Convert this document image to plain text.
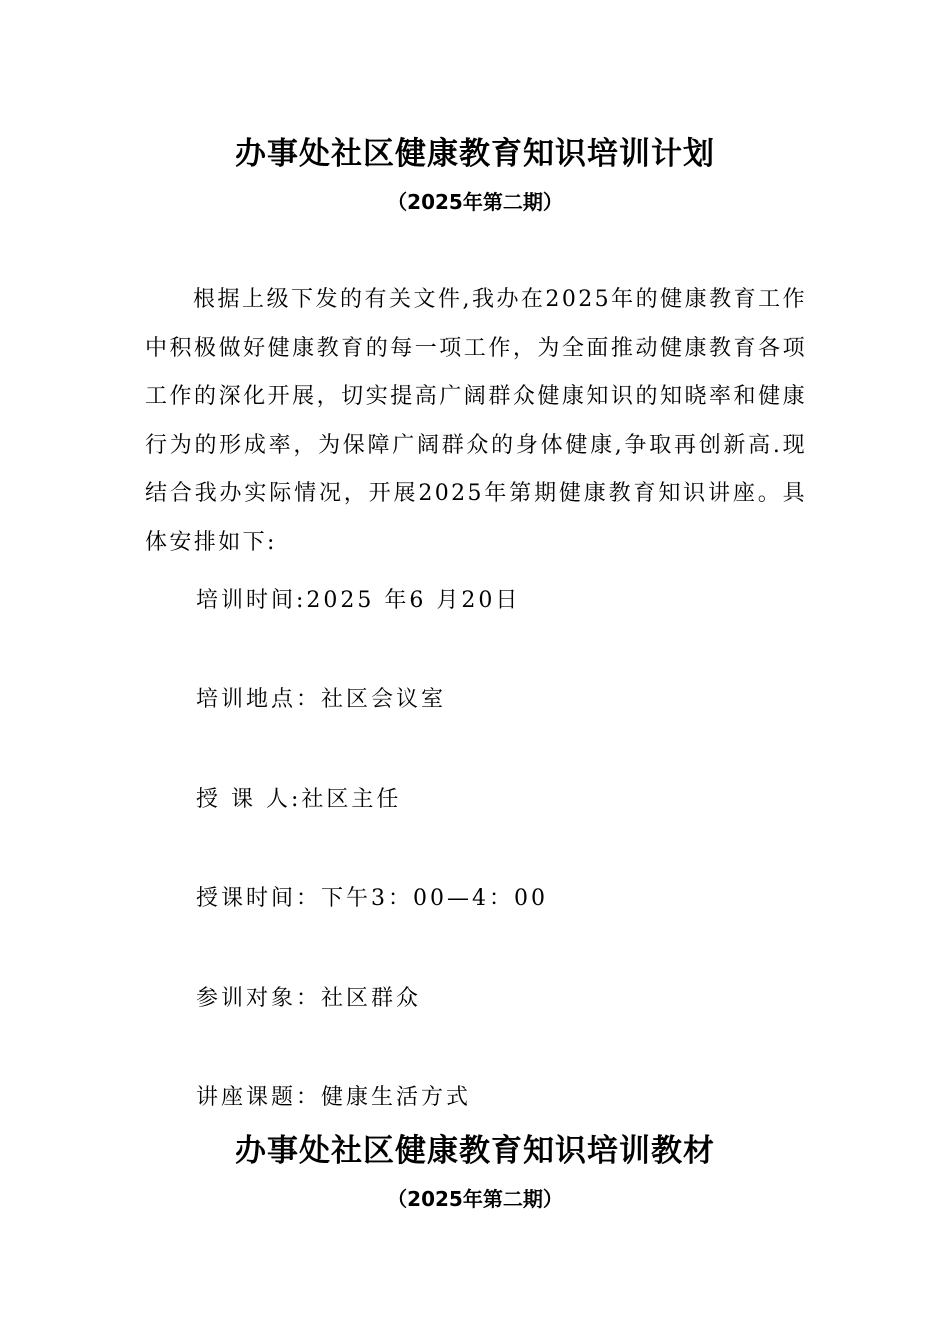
办事处社区健康教育知识培训计划
（2025年第二期）

根据上级下发的有关文件,我办在2025年的健康教育工作中积极做好健康教育的每一项工作，为全面推动健康教育各项工作的深化开展，切实提高广阔群众健康知识的知晓率和健康行为的形成率，为保障广阔群众的身体健康,争取再创新高.现结合我办实际情况，开展2025年第期健康教育知识讲座。具体安排如下:

培训时间:2025 年6 月20日
培训地点：社区会议室
授 课 人:社区主任
授课时间：下午3：00—4：00
参训对象：社区群众
讲座课题：健康生活方式
办事处社区健康教育知识培训教材
（2025年第二期）
